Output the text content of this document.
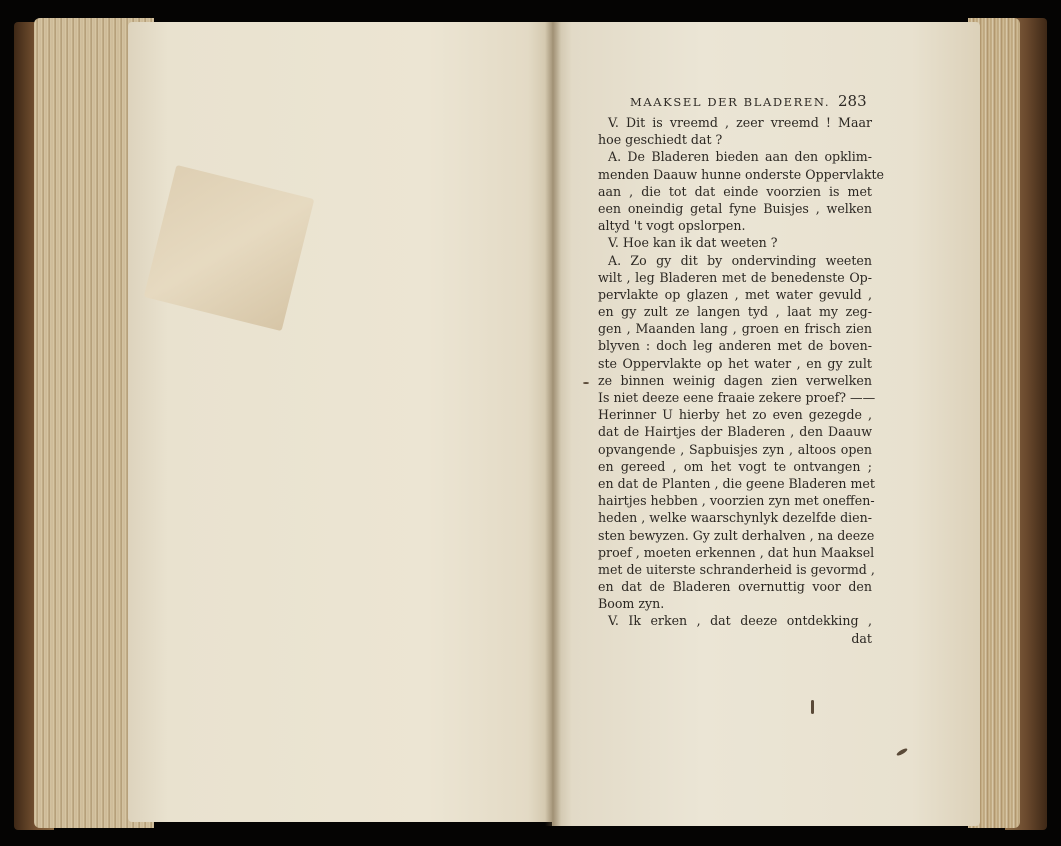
MAAKSEL DER BLADEREN. 283
V. Dit is vreemd , zeer vreemd ! Maar
hoe geschiedt dat ?
A. De Bladeren bieden aan den opklim-
menden Daauw hunne onderste Oppervlakte
aan , die tot dat einde voorzien is met
een oneindig getal fyne Buisjes , welken
altyd 't vogt opslorpen.
V. Hoe kan ik dat weeten ?
A. Zo gy dit by ondervinding weeten
wilt , leg Bladeren met de benedenste Op-
pervlakte op glazen , met water gevuld ,
en gy zult ze langen tyd , laat my zeg-
gen , Maanden lang , groen en frisch zien
blyven : doch leg anderen met de boven-
ste Oppervlakte op het water , en gy zult
ze binnen weinig dagen zien verwelken
Is niet deeze eene fraaie zekere proef? ——
Herinner U hierby het zo even gezegde ,
dat de Hairtjes der Bladeren , den Daauw
opvangende , Sapbuisjes zyn , altoos open
en gereed , om het vogt te ontvangen ;
en dat de Planten , die geene Bladeren met
hairtjes hebben , voorzien zyn met oneffen-
heden , welke waarschynlyk dezelfde dien-
sten bewyzen. Gy zult derhalven , na deeze
proef , moeten erkennen , dat hun Maaksel
met de uiterste schranderheid is gevormd ,
en dat de Bladeren overnuttig voor den
Boom zyn.
V. Ik erken , dat deeze ontdekking ,
dat
